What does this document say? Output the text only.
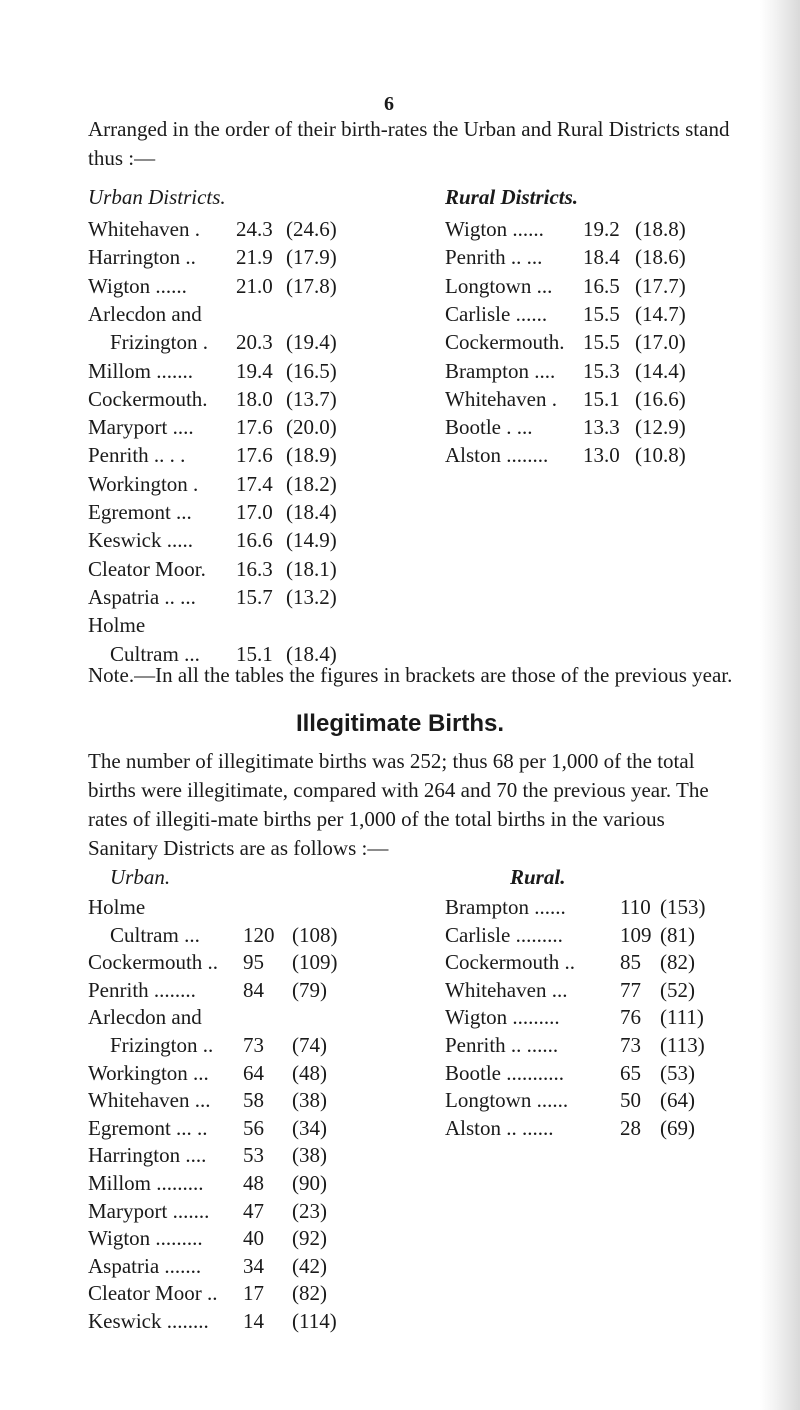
6
Arranged in the order of their birth-rates the Urban and Rural Districts stand thus :—
Urban Districts.	Rural Districts.
Whitehaven . 24.3 (24.6)
Harrington .. 21.9 (17.9)
Wigton ...... 21.0 (17.8)
Arlecdon and
Frizington . 20.3 (19.4)
Millom ....... 19.4 (16.5)
Cockermouth. 18.0 (13.7)
Maryport .... 17.6 (20.0)
Penrith .. . . 17.6 (18.9)
Workington . 17.4 (18.2)
Egremont ... 17.0 (18.4)
Keswick ..... 16.6 (14.9)
Cleator Moor. 16.3 (18.1)
Aspatria .. ... 15.7 (13.2)
Holme
Cultram ... 15.1 (18.4)
Wigton ...... 19.2 (18.8)
Penrith .. ... 18.4 (18.6)
Longtown ... 16.5 (17.7)
Carlisle ...... 15.5 (14.7)
Cockermouth. 15.5 (17.0)
Brampton .... 15.3 (14.4)
Whitehaven . 15.1 (16.6)
Bootle . ... 13.3 (12.9)
Alston ........ 13.0 (10.8)
Note.—In all the tables the figures in brackets are those of the previous year.
Illegitimate Births.
The number of illegitimate births was 252; thus 68 per 1,000 of the total births were illegitimate, compared with 264 and 70 the previous year. The rates of illegiti-mate births per 1,000 of the total births in the various Sanitary Districts are as follows :—
Urban.	Rural.
Holme
Cultram ... 120 (108)
Cockermouth .. 95 (109)
Penrith ........ 84 (79)
Arlecdon and
Frizington .. 73 (74)
Workington ... 64 (48)
Whitehaven ... 58 (38)
Egremont ... .. 56 (34)
Harrington .... 53 (38)
Millom ......... 48 (90)
Maryport ....... 47 (23)
Wigton ......... 40 (92)
Aspatria ....... 34 (42)
Cleator Moor .. 17 (82)
Keswick ........ 14 (114)
Brampton ......	110 (153)
Carlisle .........	109 (81)
Cockermouth .. 85 (82)
Whitehaven ...	77 (52)
Wigton .........	76 (111)
Penrith .. ......	73 (113)
Bootle ...........	65 (53)
Longtown ...... 50 (64)
Alston .. ......	28 (69)
